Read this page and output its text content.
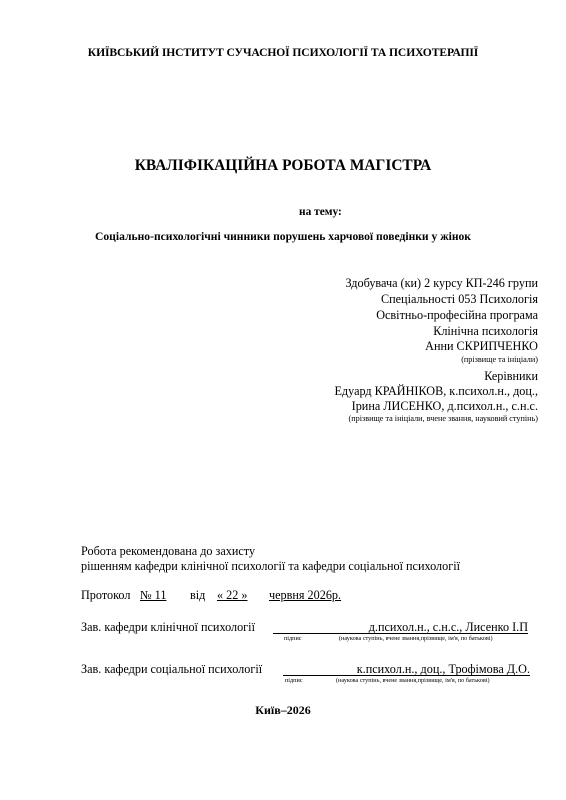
КИЇВСЬКИЙ ІНСТИТУТ СУЧАСНОЇ ПСИХОЛОГІЇ ТА ПСИХОТЕРАПІЇ
КВАЛІФІКАЦІЙНА РОБОТА МАГІСТРА
на тему:
Соціально-психологічні чинники порушень харчової поведінки у жінок
Здобувача (ки) 2 курсу КП-246 групи
Спеціальності 053 Психологія
Освітньо-професійна програма
Клінічна психологія
Анни СКРИПЧЕНКО
(прізвище та ініціали)
Керівники
Едуард КРАЙНІКОВ, к.психол.н., доц.,
Ірина ЛИСЕНКО, д.психол.н., с.н.с.
(прізвище та ініціали, вчене звання, науковий ступінь)
Робота рекомендована до захисту
рішенням кафедри клінічної психології та кафедри соціальної психології
Протокол № 11 від « 22 » червня 2026р.
Зав. кафедри клінічної психології	д.психол.н., с.н.с., Лисенко І.П
підпис	(наукова ступінь, вчене звання,прізвище, ім'я, по батькові)
Зав. кафедри соціальної психології	к.психол.н., доц., Трофімова Д.О.
підпис	(наукова ступінь, вчене звання,прізвище, ім'я, по батькові)
Київ–2026
